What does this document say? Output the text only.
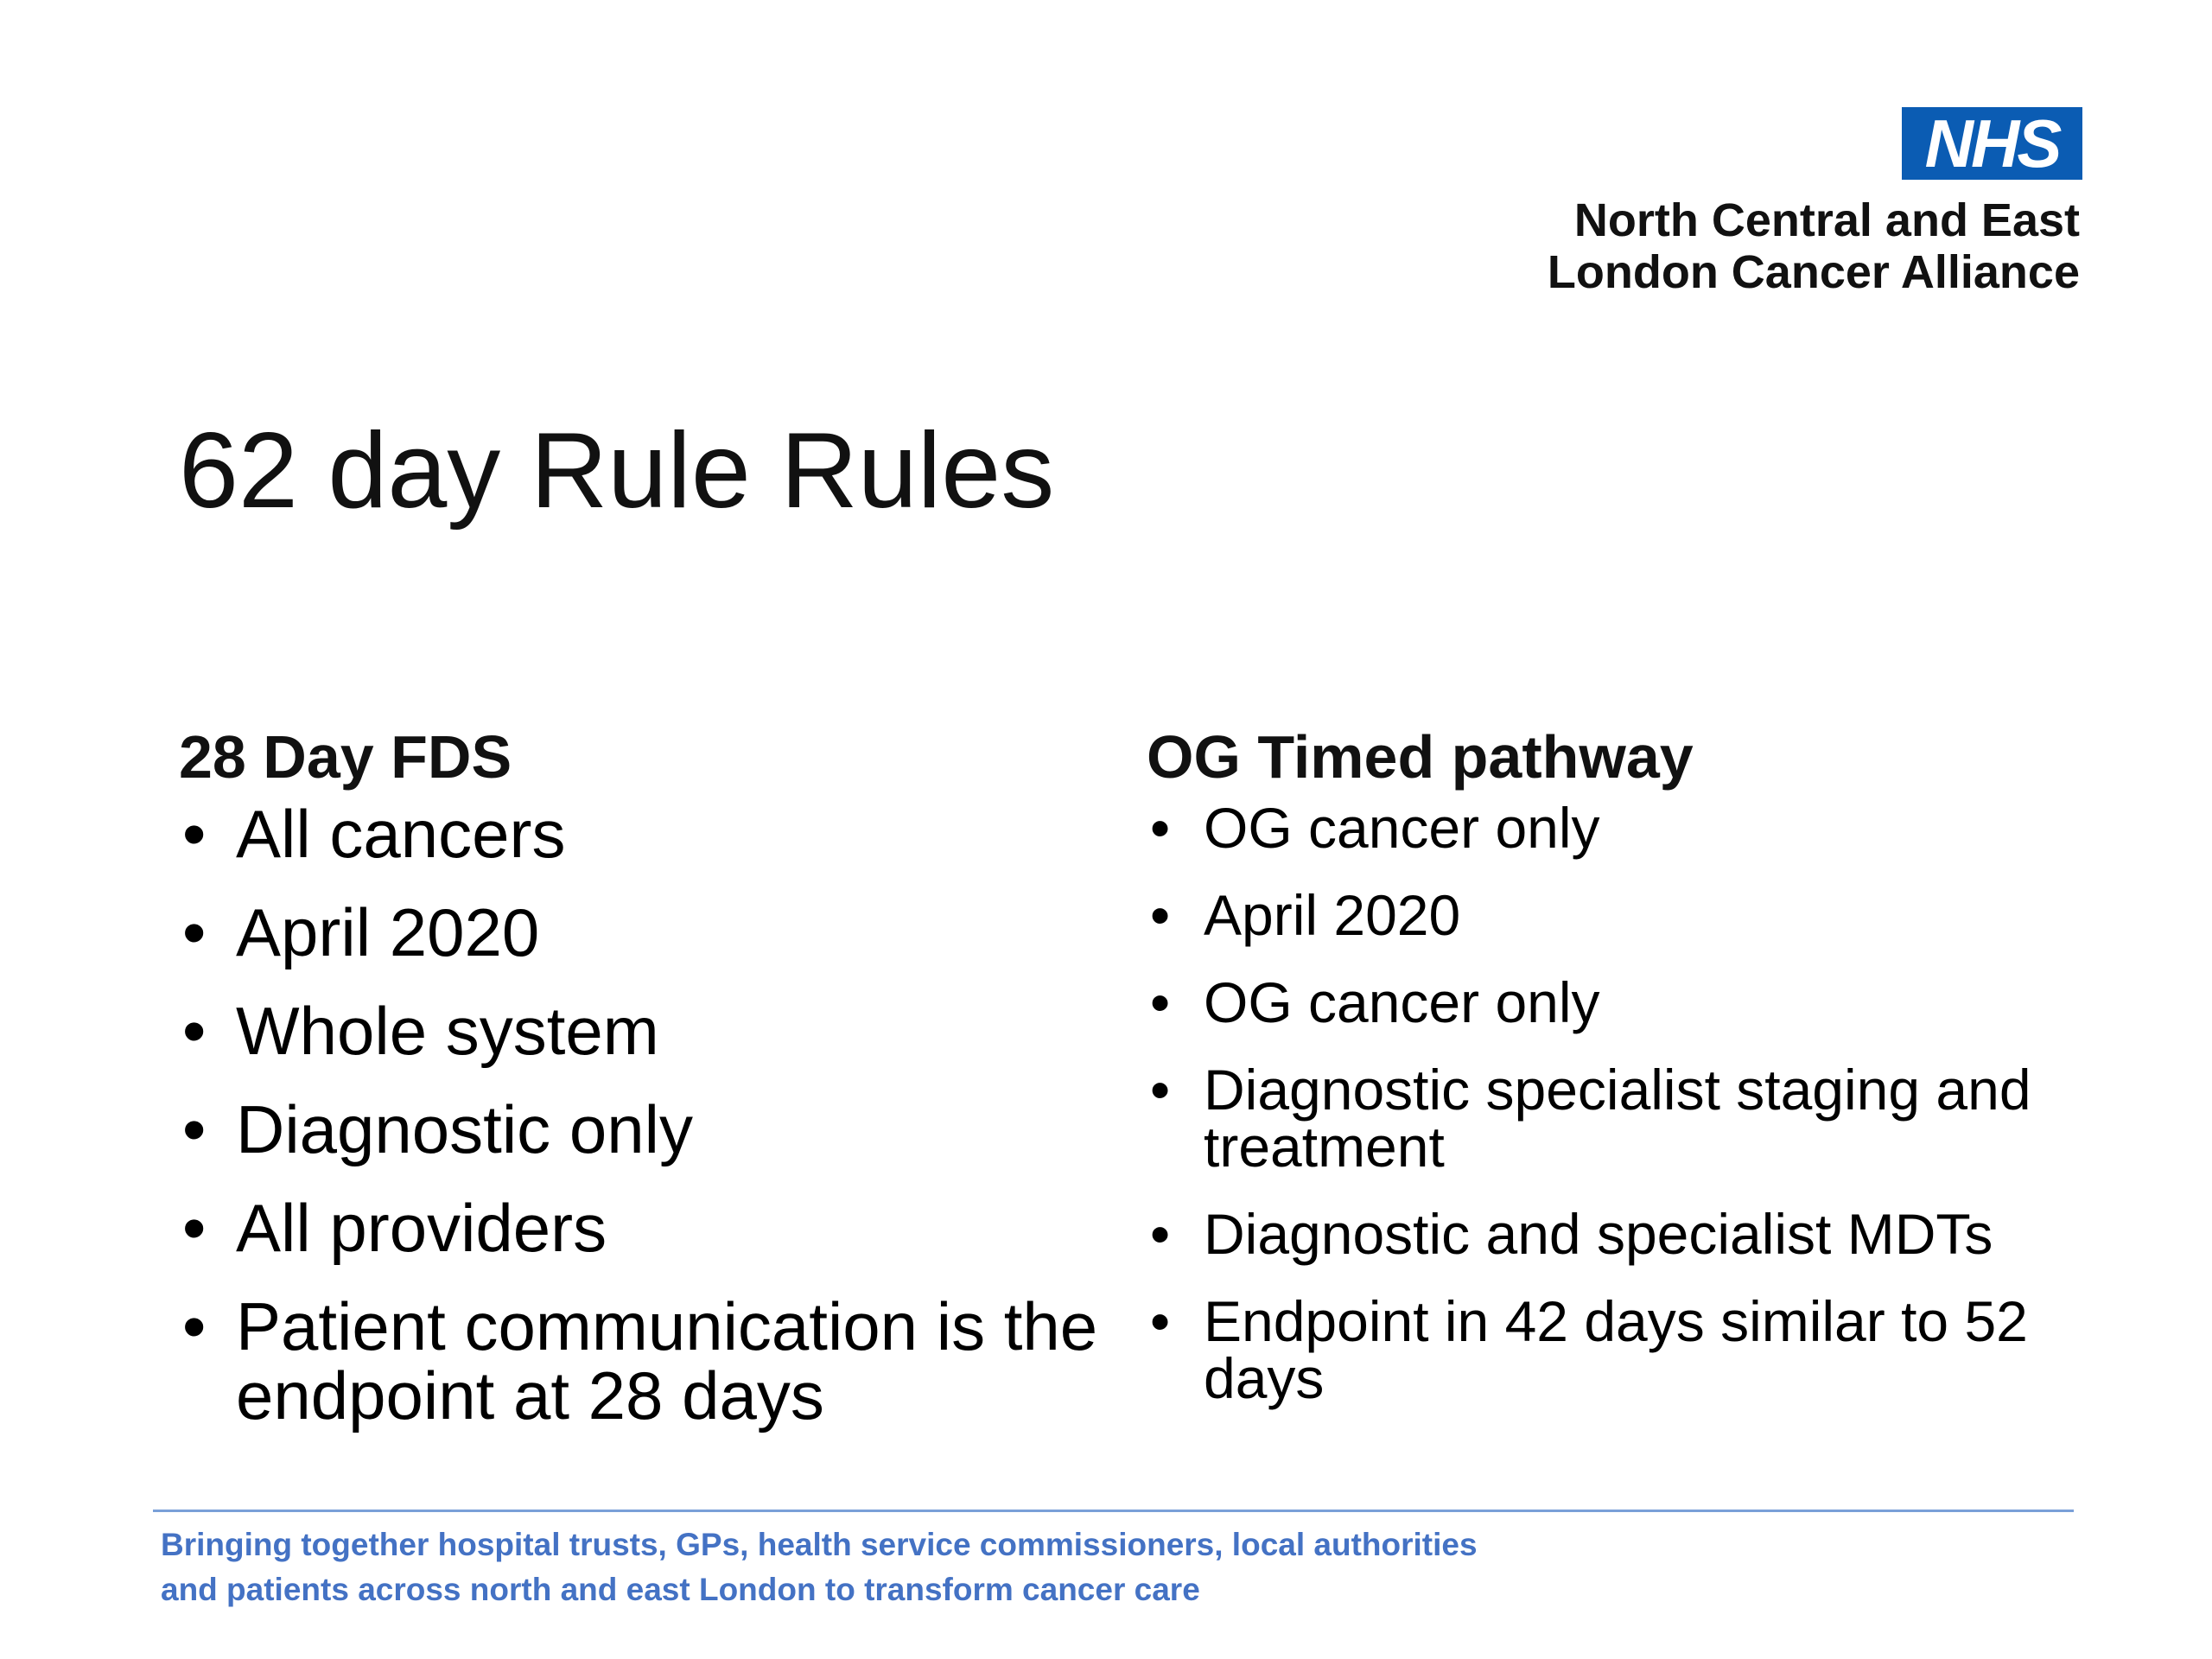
NHS
North Central and East
London Cancer Alliance
62 day Rule Rules
28 Day FDS
• All cancers
• April 2020
• Whole system
• Diagnostic only
• All providers
• Patient communication is the endpoint at 28 days
OG Timed pathway
• OG cancer only
• April 2020
• OG cancer only
• Diagnostic specialist staging and treatment
• Diagnostic and specialist MDTs
• Endpoint in 42 days similar to 52 days
Bringing together hospital trusts, GPs, health service commissioners, local authorities
and patients across north and east London to transform cancer care
